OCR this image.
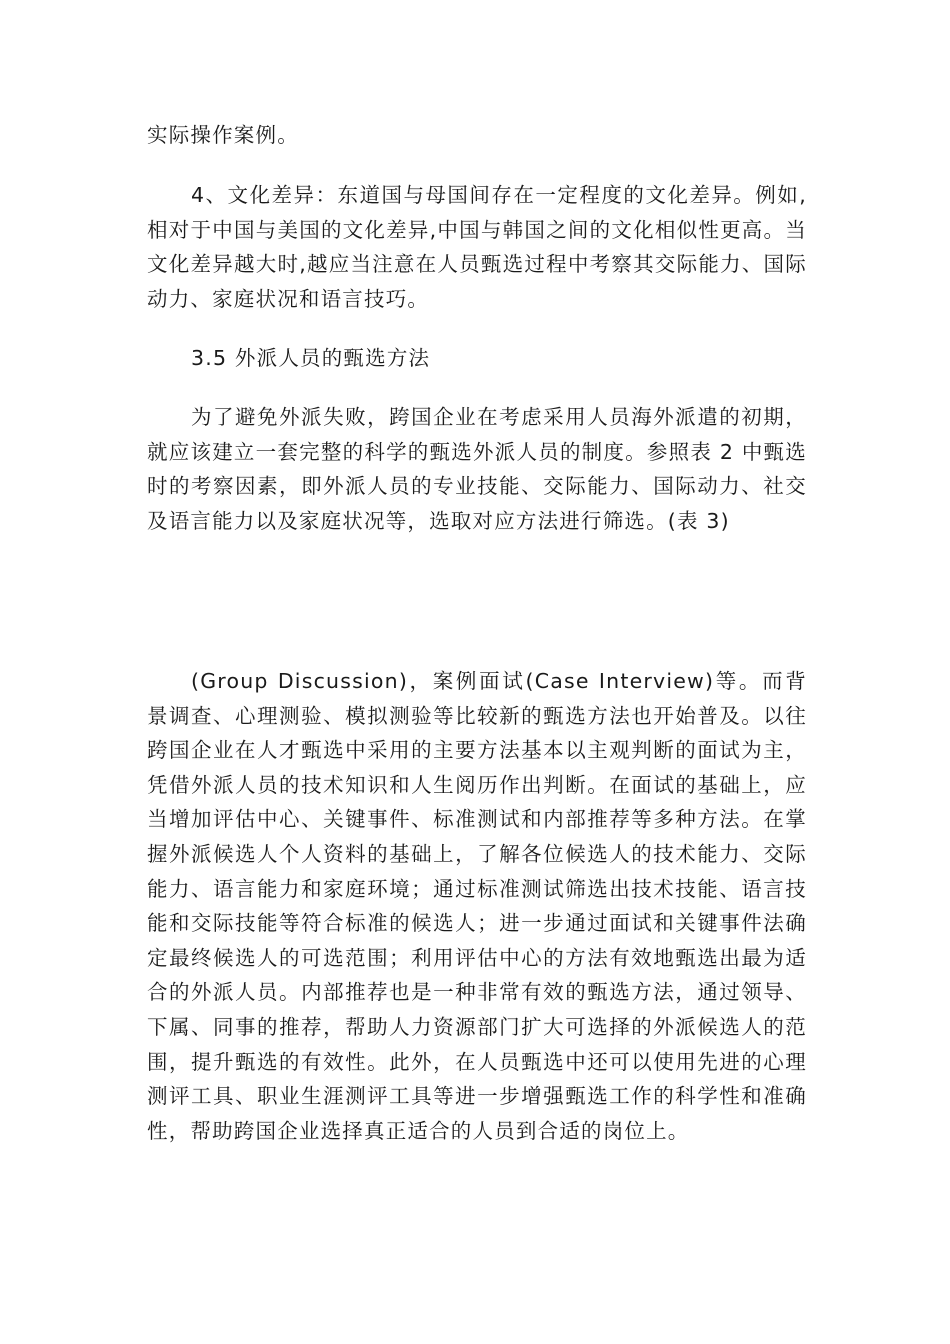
实际操作案例。

4、文化差异：东道国与母国间存在一定程度的文化差异。例如,相对于中国与美国的文化差异,中国与韩国之间的文化相似性更高。当文化差异越大时,越应当注意在人员甄选过程中考察其交际能力、国际动力、家庭状况和语言技巧。

3.5 外派人员的甄选方法

为了避免外派失败，跨国企业在考虑采用人员海外派遣的初期，就应该建立一套完整的科学的甄选外派人员的制度。参照表 2 中甄选时的考察因素，即外派人员的专业技能、交际能力、国际动力、社交及语言能力以及家庭状况等，选取对应方法进行筛选。(表 3)

(Group Discussion)，案例面试(Case Interview)等。而背景调查、心理测验、模拟测验等比较新的甄选方法也开始普及。以往跨国企业在人才甄选中采用的主要方法基本以主观判断的面试为主，凭借外派人员的技术知识和人生阅历作出判断。在面试的基础上，应当增加评估中心、关键事件、标准测试和内部推荐等多种方法。在掌握外派候选人个人资料的基础上，了解各位候选人的技术能力、交际能力、语言能力和家庭环境；通过标准测试筛选出技术技能、语言技能和交际技能等符合标准的候选人；进一步通过面试和关键事件法确定最终候选人的可选范围；利用评估中心的方法有效地甄选出最为适合的外派人员。内部推荐也是一种非常有效的甄选方法，通过领导、下属、同事的推荐，帮助人力资源部门扩大可选择的外派候选人的范围，提升甄选的有效性。此外，在人员甄选中还可以使用先进的心理测评工具、职业生涯测评工具等进一步增强甄选工作的科学性和准确性，帮助跨国企业选择真正适合的人员到合适的岗位上。
